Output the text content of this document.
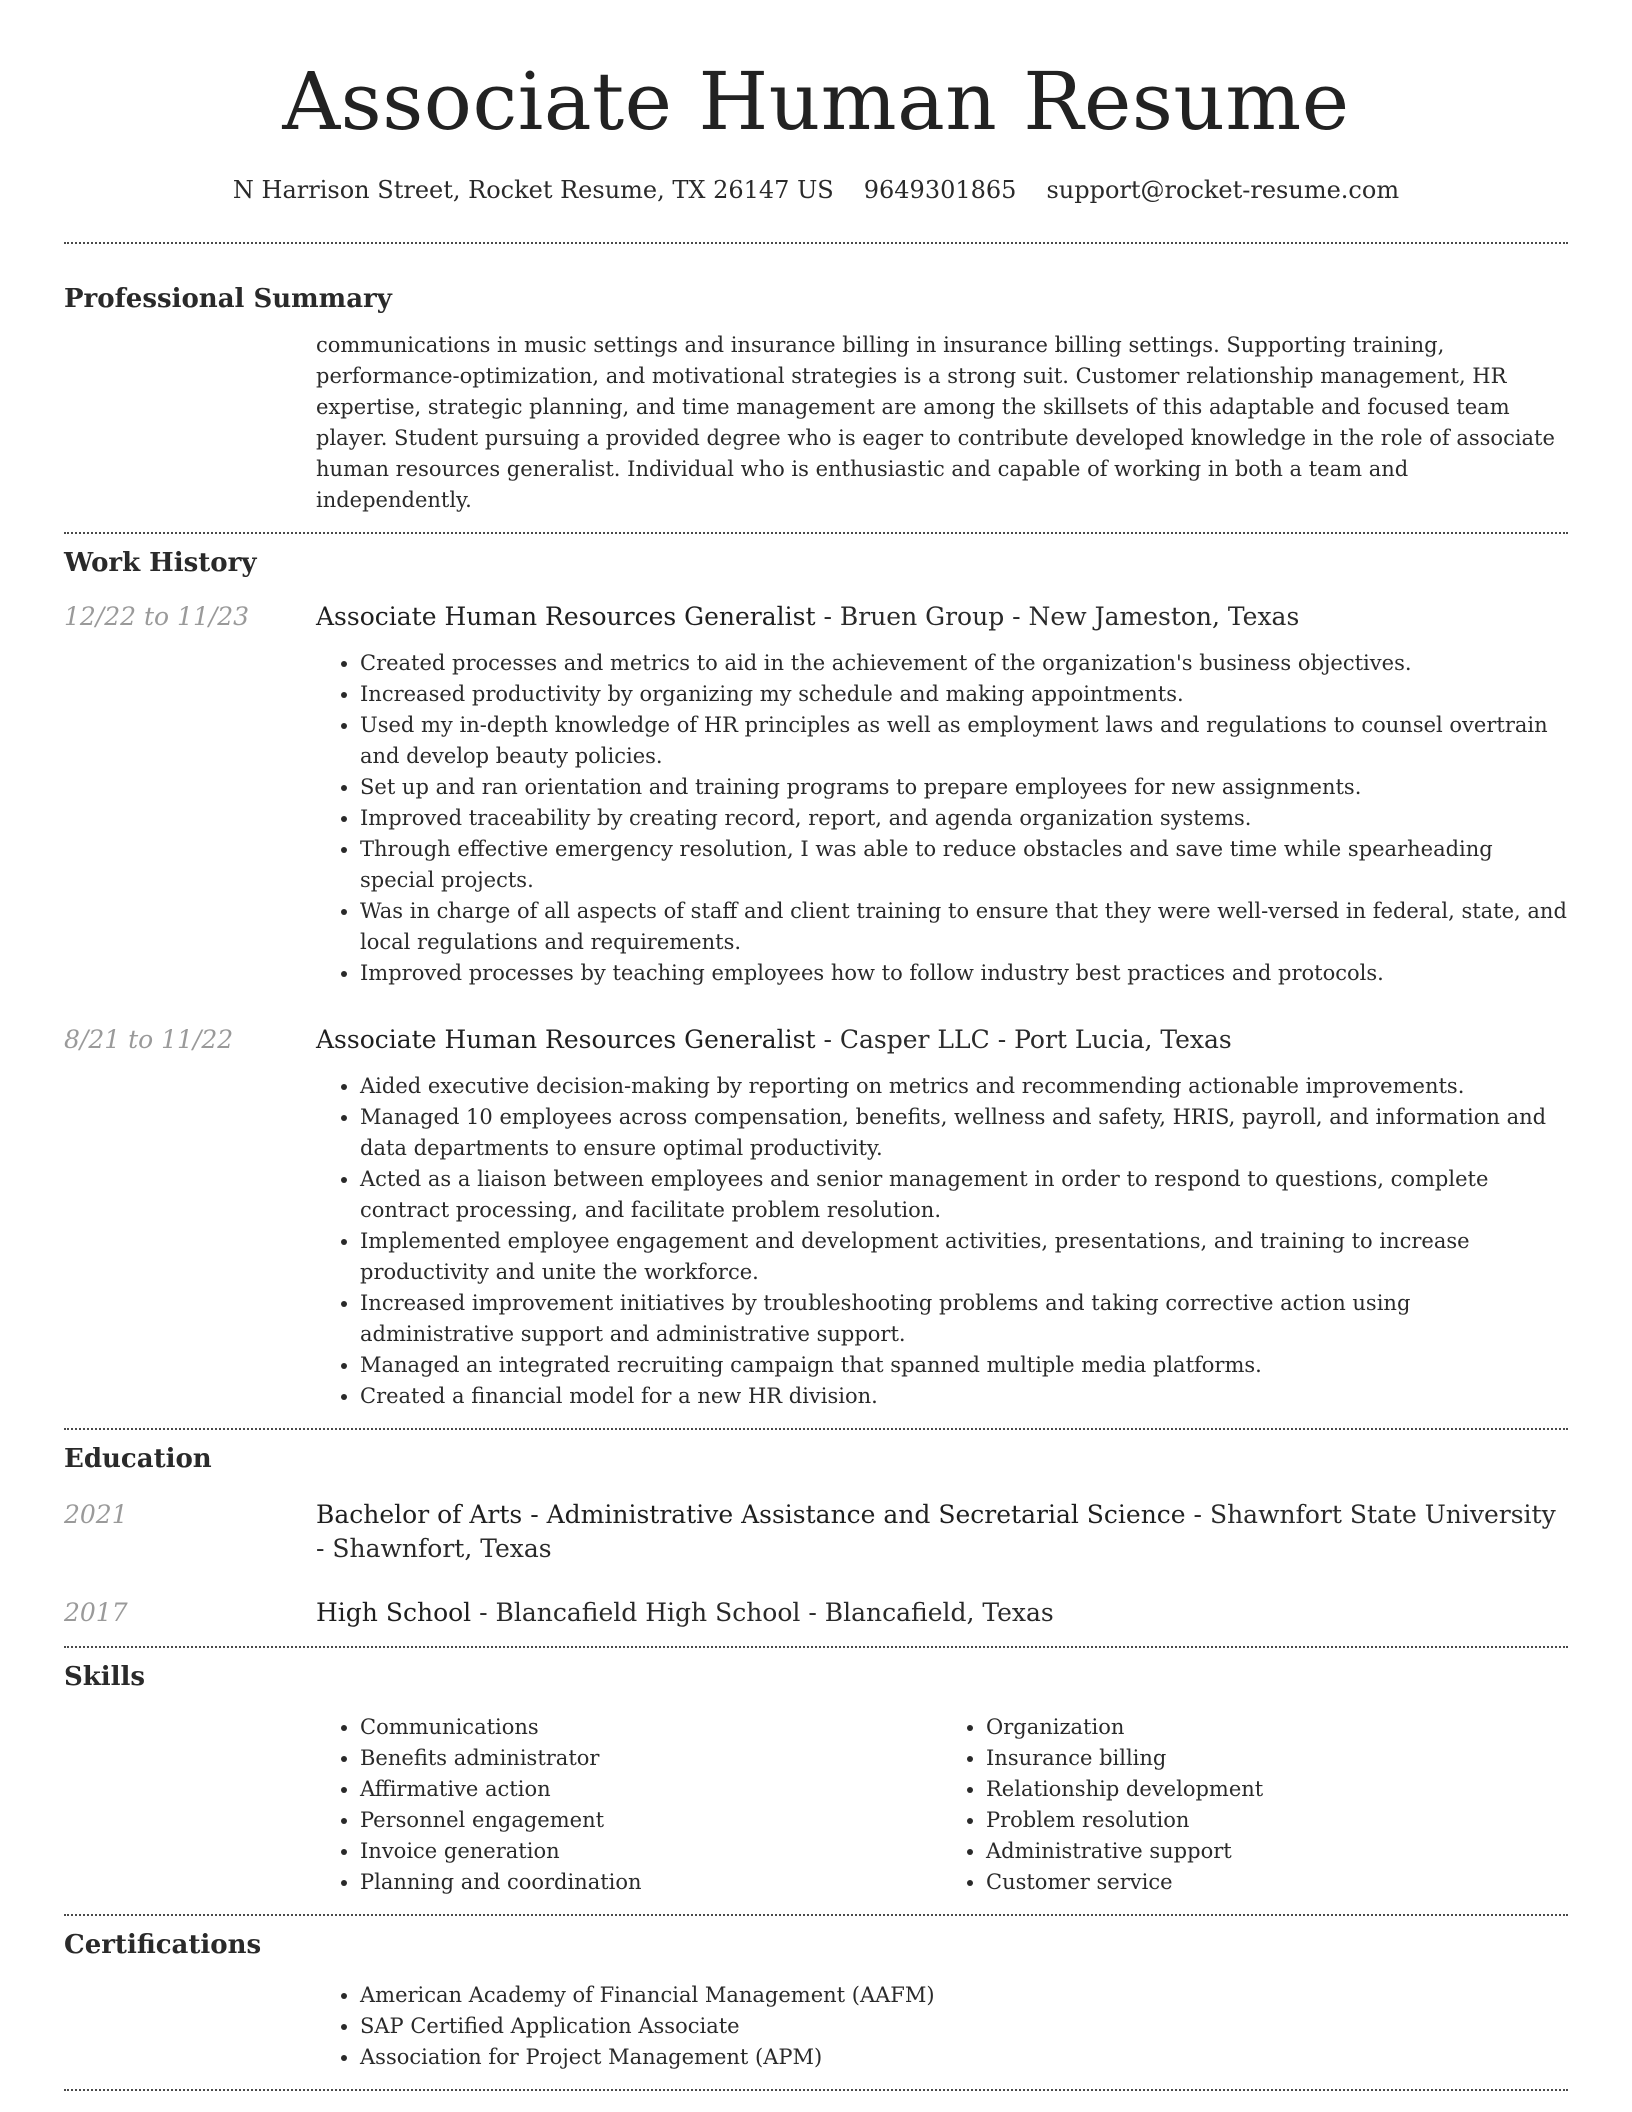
Associate Human Resume
N Harrison Street, Rocket Resume, TX 26147 US 9649301865 support@rocket-resume.com
Professional Summary
communications in music settings and insurance billing in insurance billing settings. Supporting training, performance-optimization, and motivational strategies is a strong suit. Customer relationship management, HR expertise, strategic planning, and time management are among the skillsets of this adaptable and focused team player. Student pursuing a provided degree who is eager to contribute developed knowledge in the role of associate human resources generalist. Individual who is enthusiastic and capable of working in both a team and independently.
Work History
12/22 to 11/23	Associate Human Resources Generalist - Bruen Group - New Jameston, Texas
• Created processes and metrics to aid in the achievement of the organization's business objectives.
• Increased productivity by organizing my schedule and making appointments.
• Used my in-depth knowledge of HR principles as well as employment laws and regulations to counsel overtrain and develop beauty policies.
• Set up and ran orientation and training programs to prepare employees for new assignments.
• Improved traceability by creating record, report, and agenda organization systems.
• Through effective emergency resolution, I was able to reduce obstacles and save time while spearheading special projects.
• Was in charge of all aspects of staff and client training to ensure that they were well-versed in federal, state, and local regulations and requirements.
• Improved processes by teaching employees how to follow industry best practices and protocols.
8/21 to 11/22	Associate Human Resources Generalist - Casper LLC - Port Lucia, Texas
• Aided executive decision-making by reporting on metrics and recommending actionable improvements.
• Managed 10 employees across compensation, benefits, wellness and safety, HRIS, payroll, and information and data departments to ensure optimal productivity.
• Acted as a liaison between employees and senior management in order to respond to questions, complete contract processing, and facilitate problem resolution.
• Implemented employee engagement and development activities, presentations, and training to increase productivity and unite the workforce.
• Increased improvement initiatives by troubleshooting problems and taking corrective action using administrative support and administrative support.
• Managed an integrated recruiting campaign that spanned multiple media platforms.
• Created a financial model for a new HR division.
Education
2021	Bachelor of Arts - Administrative Assistance and Secretarial Science - Shawnfort State University - Shawnfort, Texas
2017	High School - Blancafield High School - Blancafield, Texas
Skills
• Communications
• Benefits administrator
• Affirmative action
• Personnel engagement
• Invoice generation
• Planning and coordination
• Organization
• Insurance billing
• Relationship development
• Problem resolution
• Administrative support
• Customer service
Certifications
• American Academy of Financial Management (AAFM)
• SAP Certified Application Associate
• Association for Project Management (APM)
